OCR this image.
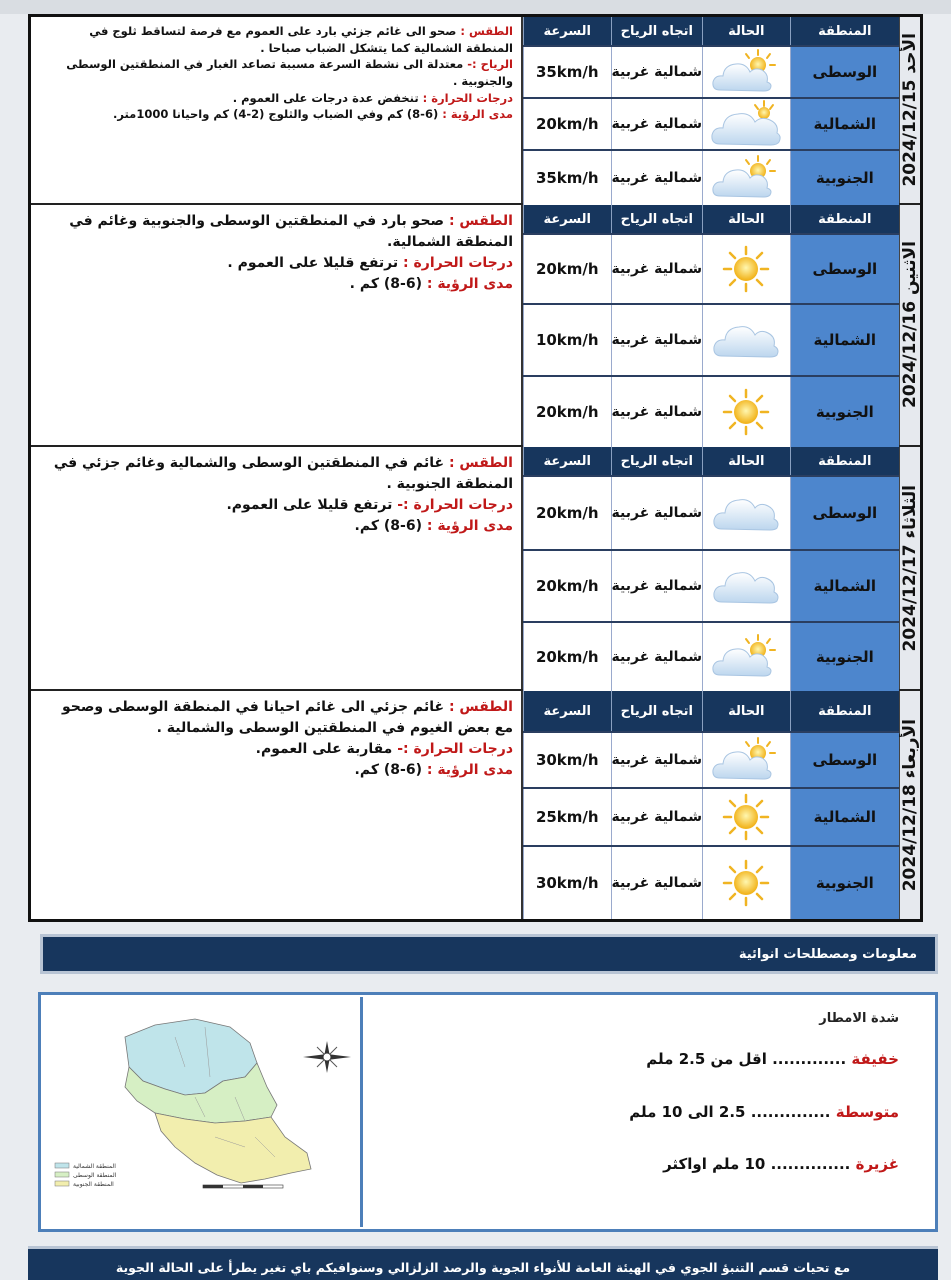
الأحد 2024/12/15
السرعة	اتجاه الرياح	الحالة	المنطقة
35km/h شمالية غربية	الوسطى
20km/h شمالية غربية	الشمالية
35km/h شمالية غربية	الجنوبية

الطقس : صحو الى غائم جزئي بارد على العموم مع فرصة لتساقط ثلوج في المنطقة الشمالية كما يتشكل الضباب صباحا .

الرياح :- معتدلة الى نشطة السرعة مسببة تصاعد الغبار في المنطقتين الوسطى والجنوبية .

درجات الحرارة : تنخفض عدة درجات على العموم .

مدى الرؤية : (6-8) كم وفي الضباب والثلوج (2-4) كم واحيانا 1000متر.

الاثنين 2024/12/16
السرعة	اتجاه الرياح	الحالة	المنطقة
20km/h شمالية غربية	الوسطى
10km/h شمالية غربية	الشمالية
20km/h شمالية غربية	الجنوبية

الطقس : صحو بارد في المنطقتين الوسطى والجنوبية وغائم في المنطقة الشمالية.

درجات الحرارة : ترتفع قليلا على العموم .

مدى الرؤية : (6-8) كم .

الثلاثاء 2024/12/17
السرعة	اتجاه الرياح	الحالة	المنطقة
20km/h شمالية غربية	الوسطى
20km/h شمالية غربية	الشمالية
20km/h شمالية غربية	الجنوبية

الطقس : غائم في المنطقتين الوسطى والشمالية وغائم جزئي في المنطقة الجنوبية .

درجات الحرارة :- ترتفع قليلا على العموم.

مدى الرؤية : (6-8) كم.

الأربعاء 2024/12/18
السرعة	اتجاه الرياح	الحالة	المنطقة
30km/h شمالية غربية	الوسطى
25km/h شمالية غربية	الشمالية
30km/h شمالية غربية	الجنوبية

الطقس : غائم جزئي الى غائم احيانا في المنطقة الوسطى وصحو مع بعض الغيوم في المنطقتين الوسطى والشمالية .

درجات الحرارة :- مقاربة على العموم.

مدى الرؤية : (6-8) كم.

معلومات ومصطلحات انوائية
المنطقة الشمالية
المنطقة الوسطى
المنطقة الجنوبية
شدة الامطار
خفيفة ............. اقل من 2.5 ملم
متوسطة .............. 2.5 الى 10 ملم
غزيرة .............. 10 ملم اواكثر
مع تحيات قسم التنبؤ الجوي في الهيئة العامة للأنواء الجوية والرصد الزلزالي وسنوافيكم باي تغير يطرأ على الحالة الجوية
